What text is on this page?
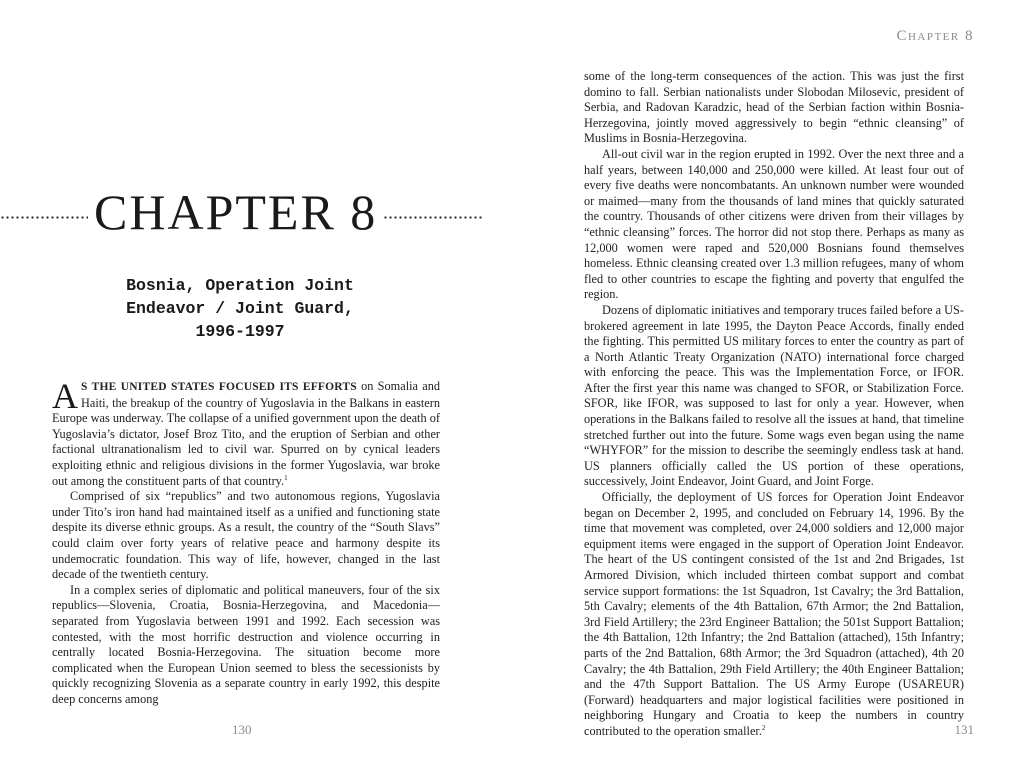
CHAPTER 8
Bosnia, Operation Joint
Endeavor / Joint Guard,
1996-1997

A S THE UNITED STATES FOCUSED ITS EFFORTS on Somalia and Haiti, the breakup of the country of Yugoslavia in the Balkans in eastern Europe was underway. The collapse of a unified government upon the death of Yugoslavia’s dictator, Josef Broz Tito, and the eruption of Serbian and other factional ultranationalism led to civil war. Spurred on by cynical leaders exploiting ethnic and religious divisions in the former Yugoslavia, war broke out among the constituent parts of that country.$^1$

Comprised of six “republics” and two autonomous regions, Yugoslavia under Tito’s iron hand had maintained itself as a unified and functioning state despite its diverse ethnic groups. As a result, the country of the “South Slavs” could claim over forty years of relative peace and harmony despite its undemocratic foundation. This way of life, however, changed in the last decade of the twentieth century.

In a complex series of diplomatic and political maneuvers, four of the six republics—Slovenia, Croatia, Bosnia-Herzegovina, and Macedonia—separated from Yugoslavia between 1991 and 1992. Each secession was contested, with the most horrific destruction and violence occurring in centrally located Bosnia-Herzegovina. The situation become more complicated when the European Union seemed to bless the secessionists by quickly recognizing Slovenia as a separate country in early 1992, this despite deep concerns among

130
Chapter 8

some of the long-term consequences of the action. This was just the first domino to fall. Serbian nationalists under Slobodan Milosevic, president of Serbia, and Radovan Karadzic, head of the Serbian faction within Bosnia-Herzegovina, jointly moved aggressively to begin “ethnic cleansing” of Muslims in Bosnia-Herzegovina.

All-out civil war in the region erupted in 1992. Over the next three and a half years, between 140,000 and 250,000 were killed. At least four out of every five deaths were noncombatants. An unknown number were wounded or maimed—many from the thousands of land mines that quickly saturated the country. Thousands of other citizens were driven from their villages by “ethnic cleansing” forces. The horror did not stop there. Perhaps as many as 12,000 women were raped and 520,000 Bosnians found themselves homeless. Ethnic cleansing created over 1.3 million refugees, many of whom fled to other countries to escape the fighting and poverty that engulfed the region.

Dozens of diplomatic initiatives and temporary truces failed before a US-brokered agreement in late 1995, the Dayton Peace Accords, finally ended the fighting. This permitted US military forces to enter the country as part of a North Atlantic Treaty Organization (NATO) international force charged with enforcing the peace. This was the Implementation Force, or IFOR. After the first year this name was changed to SFOR, or Stabilization Force. SFOR, like IFOR, was supposed to last for only a year. However, when operations in the Balkans failed to resolve all the issues at hand, that timeline stretched further out into the future. Some wags even began using the name “WHYFOR” for the mission to describe the seemingly endless task at hand. US planners officially called the US portion of these operations, successively, Joint Endeavor, Joint Guard, and Joint Forge.

Officially, the deployment of US forces for Operation Joint Endeavor began on December 2, 1995, and concluded on February 14, 1996. By the time that movement was completed, over 24,000 soldiers and 12,000 major equipment items were engaged in the support of Operation Joint Endeavor. The heart of the US contingent consisted of the 1st and 2nd Brigades, 1st Armored Division, which included thirteen combat support and combat service support formations: the 1st Squadron, 1st Cavalry; the 3rd Battalion, 5th Cavalry; elements of the 4th Battalion, 67th Armor; the 2nd Battalion, 3rd Field Artillery; the 23rd Engineer Battalion; the 501st Support Battalion; the 4th Battalion, 12th Infantry; the 2nd Battalion (attached), 15th Infantry; parts of the 2nd Battalion, 68th Armor; the 3rd Squadron (attached), 4th 20 Cavalry; the 4th Battalion, 29th Field Artillery; the 40th Engineer Battalion; and the 47th Support Battalion. The US Army Europe (USAREUR) (Forward) headquarters and major logistical facilities were positioned in neighboring Hungary and Croatia to keep the numbers in country contributed to the operation smaller.$^2$	131
